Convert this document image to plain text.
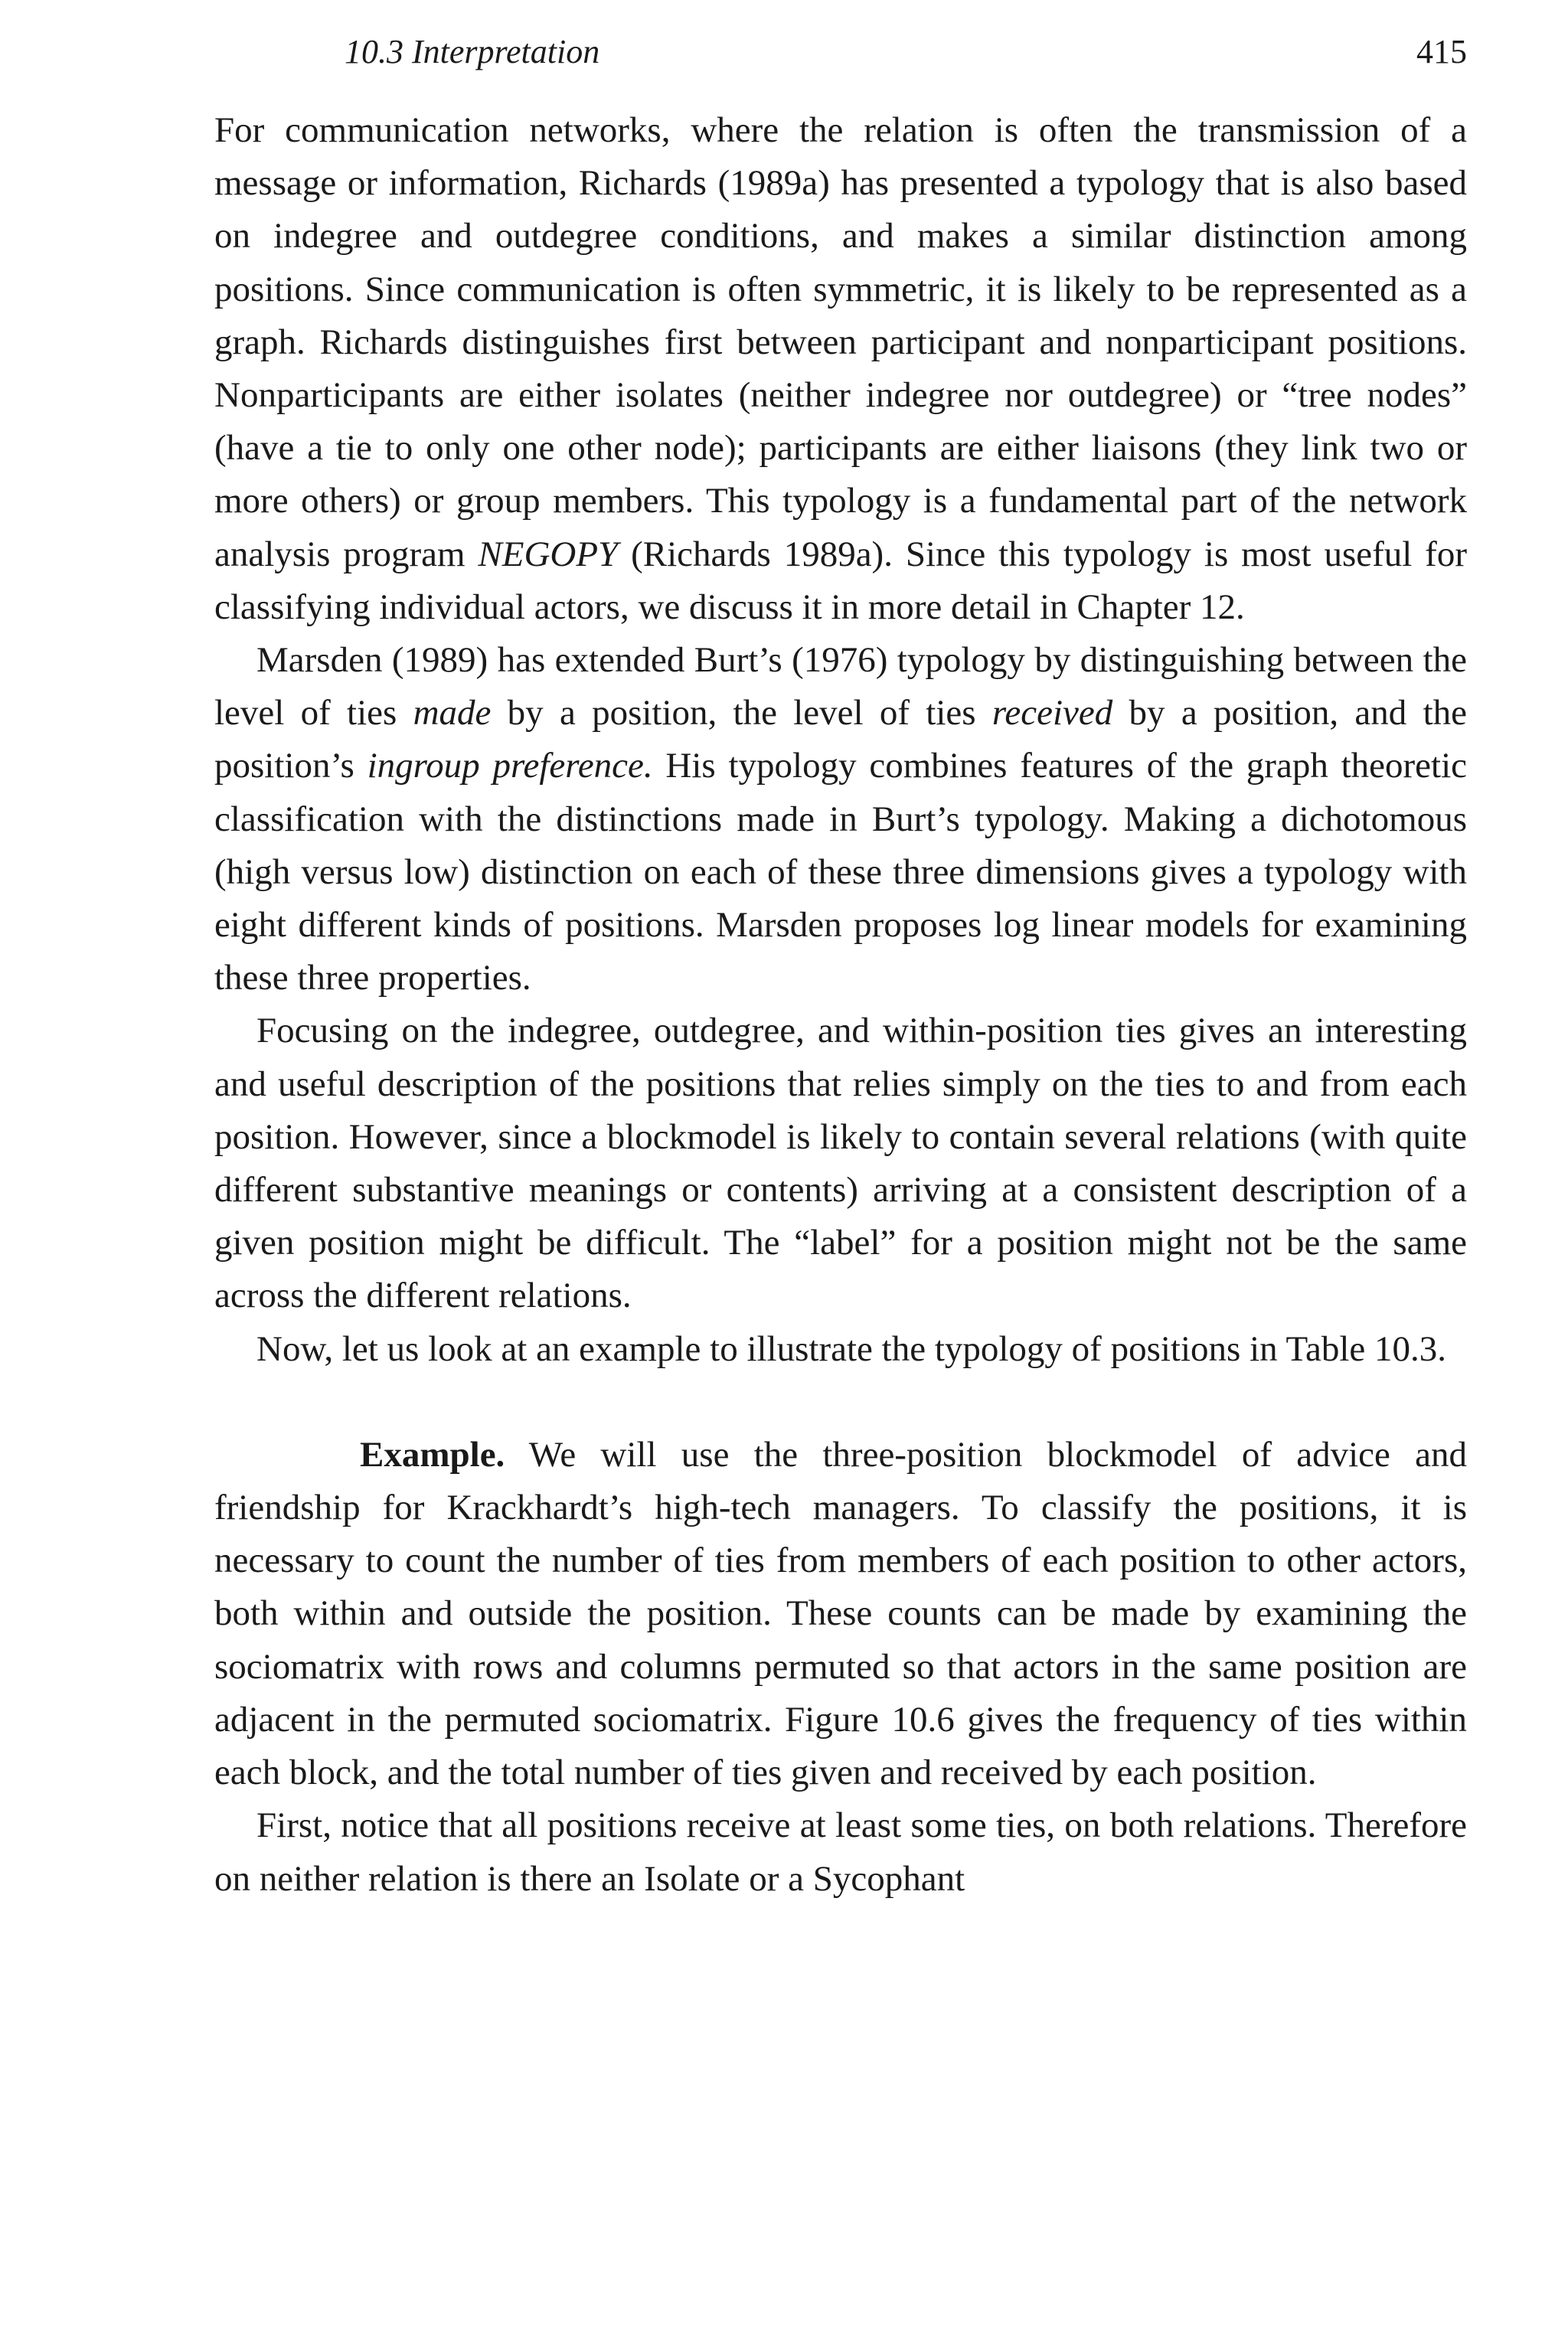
10.3 Interpretation	415

For communication networks, where the relation is often the transmission of a message or information, Richards (1989a) has presented a typology that is also based on indegree and outdegree conditions, and makes a similar distinction among positions. Since communication is often symmetric, it is likely to be represented as a graph. Richards distinguishes first between participant and nonparticipant positions. Nonparticipants are either isolates (neither indegree nor outdegree) or “tree nodes” (have a tie to only one other node); participants are either liaisons (they link two or more others) or group members. This typology is a fundamental part of the network analysis program NEGOPY (Richards 1989a). Since this typology is most useful for classifying individual actors, we discuss it in more detail in Chapter 12.

Marsden (1989) has extended Burt’s (1976) typology by distinguishing between the level of ties made by a position, the level of ties received by a position, and the position’s ingroup preference. His typology combines features of the graph theoretic classification with the distinctions made in Burt’s typology. Making a dichotomous (high versus low) distinction on each of these three dimensions gives a typology with eight different kinds of positions. Marsden proposes log linear models for examining these three properties.

Focusing on the indegree, outdegree, and within-position ties gives an interesting and useful description of the positions that relies simply on the ties to and from each position. However, since a blockmodel is likely to contain several relations (with quite different substantive meanings or contents) arriving at a consistent description of a given position might be difficult. The “label” for a position might not be the same across the different relations.

Now, let us look at an example to illustrate the typology of positions in Table 10.3.

Example. We will use the three-position blockmodel of advice and friendship for Krackhardt’s high-tech managers. To classify the positions, it is necessary to count the number of ties from members of each position to other actors, both within and outside the position. These counts can be made by examining the sociomatrix with rows and columns permuted so that actors in the same position are adjacent in the permuted sociomatrix. Figure 10.6 gives the frequency of ties within each block, and the total number of ties given and received by each position.

First, notice that all positions receive at least some ties, on both relations. Therefore on neither relation is there an Isolate or a Sycophant
